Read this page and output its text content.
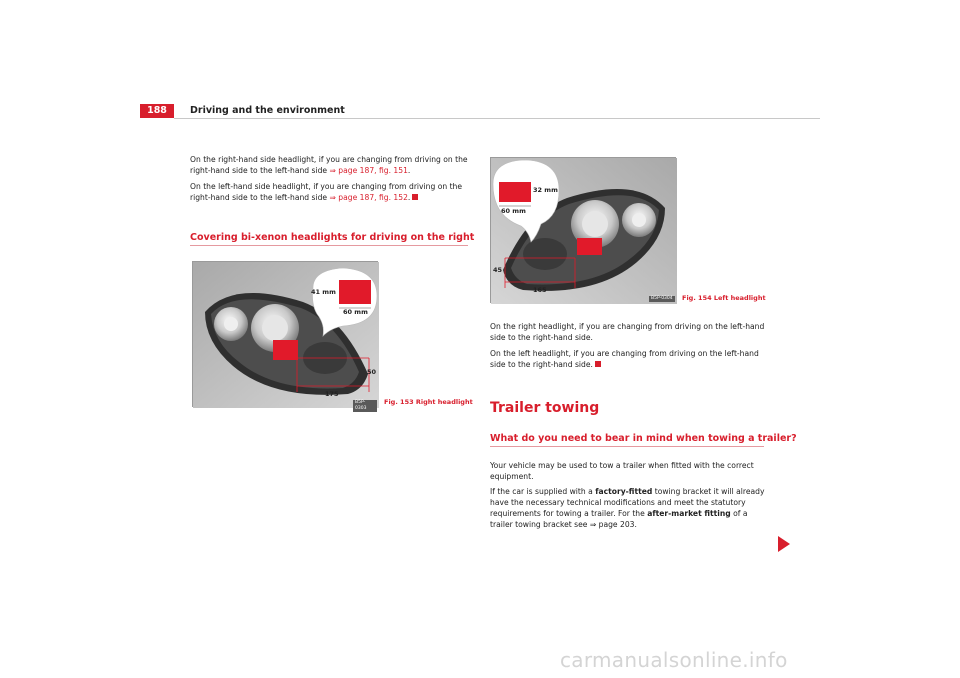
188	Driving and the environment
On the right-hand side headlight, if you are changing from driving on the right-hand side to the left-hand side ⇒ page 187, fig. 151.
On the left-hand side headlight, if you are changing from driving on the right-hand side to the left-hand side ⇒ page 187, fig. 152.
Covering bi-xenon headlights for driving on the right
41 mm
60 mm
50
175
B5P-0303
Fig. 153 Right headlight
32 mm
60 mm
45
165
B5P-0304	Fig. 154 Left headlight
On the right headlight, if you are changing from driving on the left-hand side to the right-hand side.
On the left headlight, if you are changing from driving on the left-hand side to the right-hand side.
Trailer towing
What do you need to bear in mind when towing a trailer?
Your vehicle may be used to tow a trailer when fitted with the correct equipment.
If the car is supplied with a factory-fitted towing bracket it will already have the necessary technical modifications and meet the statutory requirements for towing a trailer. For the after-market fitting of a trailer towing bracket see ⇒ page 203.
carmanualsonline.info
